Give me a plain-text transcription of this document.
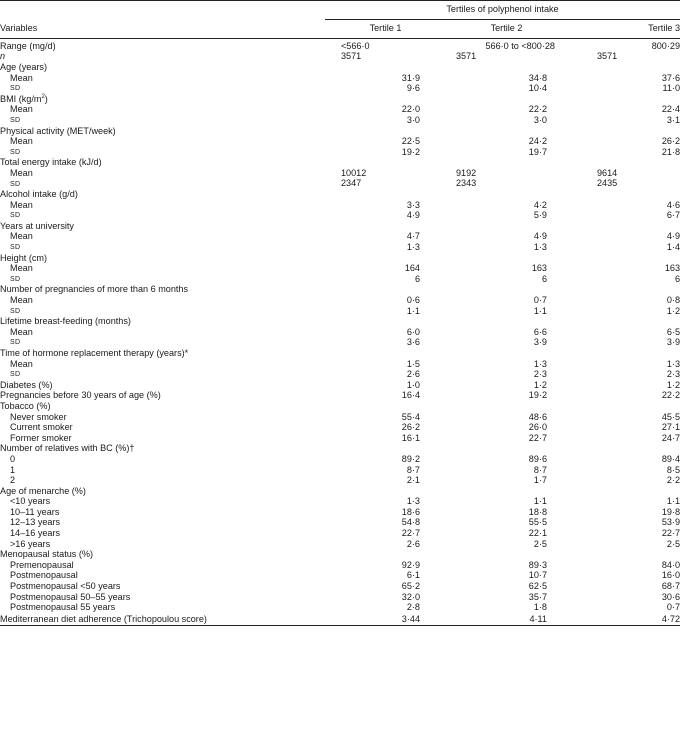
	Tertiles of polyphenol intake		
Variables	Tertile 1	Tertile 2	Tertile 3
Range (mg/d)	<566·0	566·0 to <800·28	800·29
n	3571	3571	3571
Age (years)			
Mean	31·9	34·8	37·6
SD	9·6	10·4	11·0
BMI $(kg/m^2)$			
Mean	22·0	22·2	22·4
SD	3·0	3·0	3·1
Physical activity (MET/week)			
Mean	22·5	24·2	26·2
SD	19·2	19·7	21·8
Total energy intake (kJ/d)			
Mean	10012	9192	9614
SD	2347	2343	2435
Alcohol intake (g/d)			
Mean	3·3	4·2	4·6
SD	4·9	5·9	6·7
Years at university			
Mean	4·7	4·9	4·9
SD	1·3	1·3	1·4
Height (cm)			
Mean	164	163	163
SD	6	6	6
Number of pregnancies of more than 6 months			
Mean	0·6	0·7	0·8
SD	1·1	1·1	1·2
Lifetime breast-feeding (months)			
Mean	6·0	6·6	6·5
SD	3·6	3·9	3·9
Time of hormone replacement therapy (years)*			
Mean	1·5	1·3	1·3
SD	2·6	2·3	2·3
Diabetes (%)	1·0	1·2	1·2
Pregnancies before 30 years of age (%)	16·4	19·2	22·2
Tobacco (%)			
Never smoker	55·4	48·6	45·5
Current smoker	26·2	26·0	27·1
Former smoker	16·1	22·7	24·7
Number of relatives with BC (%)†			
0	89·2	89·6	89·4
1	8·7	8·7	8·5
2	2·1	1·7	2·2
Age of menarche (%)			
<10 years	1·3	1·1	1·1
10–11 years	18·6	18·8	19·8
12–13 years	54·8	55·5	53·9
14–16 years	22·7	22·1	22·7
>16 years	2·6	2·5	2·5
Menopausal status (%)			
Premenopausal	92·9	89·3	84·0
Postmenopausal	6·1	10·7	16·0
Postmenopausal <50 years	65·2	62·5	68·7
Postmenopausal 50–55 years	32·0	35·7	30·6
Postmenopausal 55 years	2·8	1·8	0·7
Mediterranean diet adherence (Trichopoulou score)	3·44	4·11	4·72
